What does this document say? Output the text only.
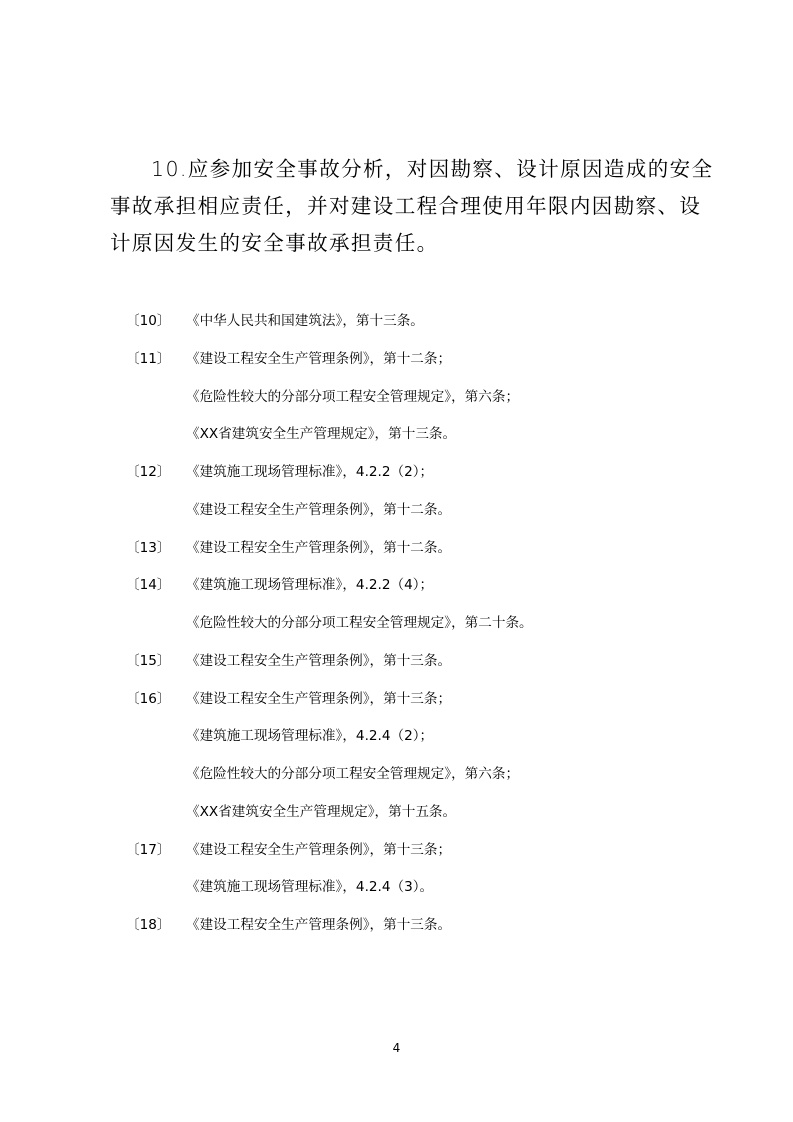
10.应参加安全事故分析，对因勘察、设计原因造成的安全事故承担相应责任，并对建设工程合理使用年限内因勘察、设计原因发生的安全事故承担责任。

〔10〕 《中华人民共和国建筑法》，第十三条。
〔11〕 《建设工程安全生产管理条例》，第十二条；
《危险性较大的分部分项工程安全管理规定》，第六条；
《XX省建筑安全生产管理规定》，第十三条。
〔12〕 《建筑施工现场管理标准》，4.2.2（2）；
《建设工程安全生产管理条例》，第十二条。
〔13〕 《建设工程安全生产管理条例》，第十二条。
〔14〕 《建筑施工现场管理标准》，4.2.2（4）；
《危险性较大的分部分项工程安全管理规定》，第二十条。
〔15〕 《建设工程安全生产管理条例》，第十三条。
〔16〕 《建设工程安全生产管理条例》，第十三条；
《建筑施工现场管理标准》，4.2.4（2）；
《危险性较大的分部分项工程安全管理规定》，第六条；
《XX省建筑安全生产管理规定》，第十五条。
〔17〕 《建设工程安全生产管理条例》，第十三条；
《建筑施工现场管理标准》，4.2.4（3）。
〔18〕 《建设工程安全生产管理条例》，第十三条。
4
